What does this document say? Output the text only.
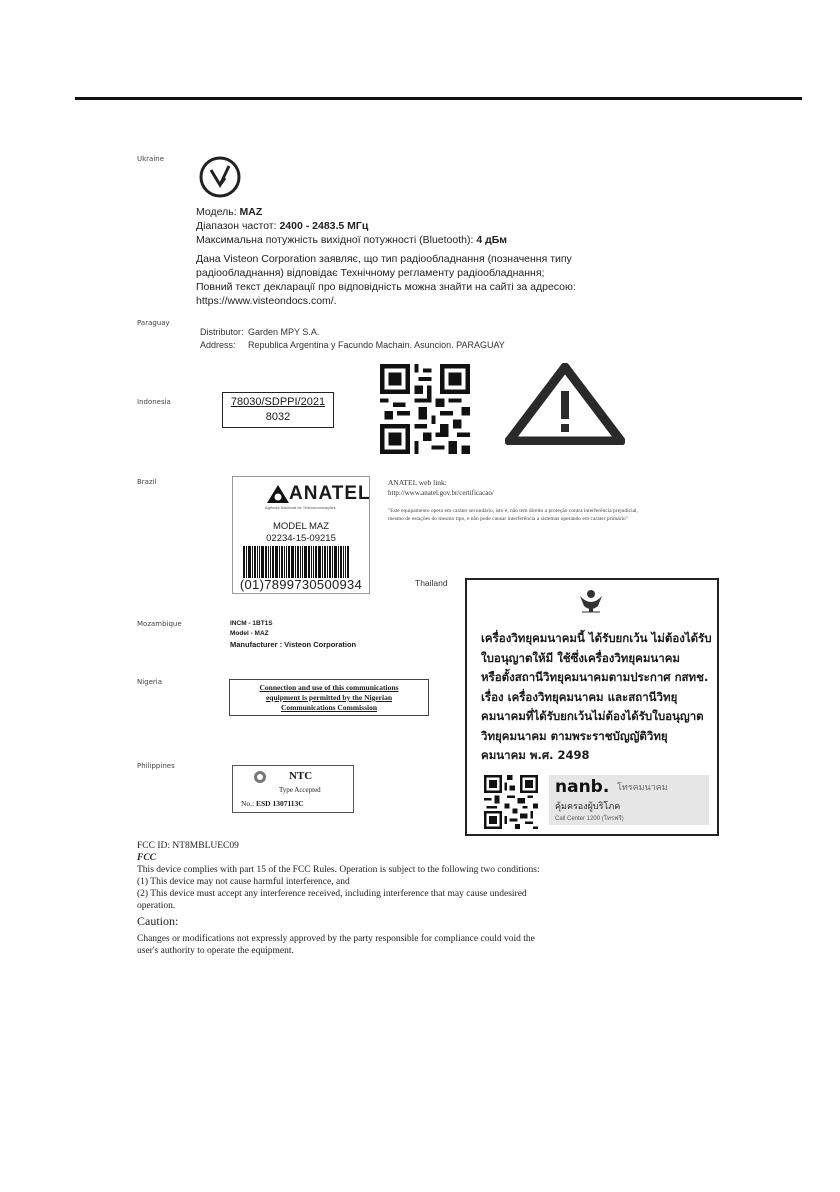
Ukraine
Модель: MAZ
Діапазон частот: 2400 - 2483.5 МГц
Максимальна потужність вихідної потужності (Bluetooth): 4 дБм
Дана Visteon Corporation заявляє, що тип радіообладнання (позначення типу
радіообладнання) відповідає Технічному регламенту радіообладнання;
Повний текст декларації про відповідність можна знайти на сайті за адресою:
https://www.visteondocs.com/.
Paraguay
Distributor: Garden MPY S.A.
Address: Republica Argentina y Facundo Machain. Asuncion. PARAGUAY
Indonesia	78030/SDPPI/2021
8032
Brazil
ANATEL
Agência Nacional de Telecomunicações
MODEL MAZ
02234-15-09215
(01)7899730500934
ANATEL web link:
http://www.anatel.gov.br/certificacao/
"Este equipamento opera em caráter secundário, isto é, não tem direito a proteção contra interferência prejudicial, mesmo de estações do mesmo tipo, e não pode causar interferência a sistemas operando em caráter primário"
Thailand
เครื่องวิทยุคมนาคมนี้ ได้รับยกเว้น ไม่ต้องได้รับ
ใบอนุญาตให้มี ใช้ซึ่งเครื่องวิทยุคมนาคม
หรือตั้งสถานีวิทยุคมนาคมตามประกาศ กสทช.
เรื่อง เครื่องวิทยุคมนาคม และสถานีวิทยุ
คมนาคมที่ได้รับยกเว้นไม่ต้องได้รับใบอนุญาต
วิทยุคมนาคม ตามพระราชบัญญัติวิทยุ
คมนาคม พ.ศ. 2498
nanb. โทรคมนาคม
คุ้มครองผู้บริโภค
Call Center 1200 (โทรฟรี)
Mozambique	INCM - 1BT1S
Model - MAZ
Manufacturer : Visteon Corporation
Nigeria
Connection and use of this communications
equipment is permitted by the Nigerian
Communications Commission
Philippines
NTC
Type Accepted
No.: ESD 1307113C
FCC ID: NT8MBLUEC09
FCC
This device complies with part 15 of the FCC Rules. Operation is subject to the following two conditions:
(1) This device may not cause harmful interference, and
(2) This device must accept any interference received, including interference that may cause undesired
operation.
Caution:
Changes or modifications not expressly approved by the party responsible for compliance could void the
user's authority to operate the equipment.
